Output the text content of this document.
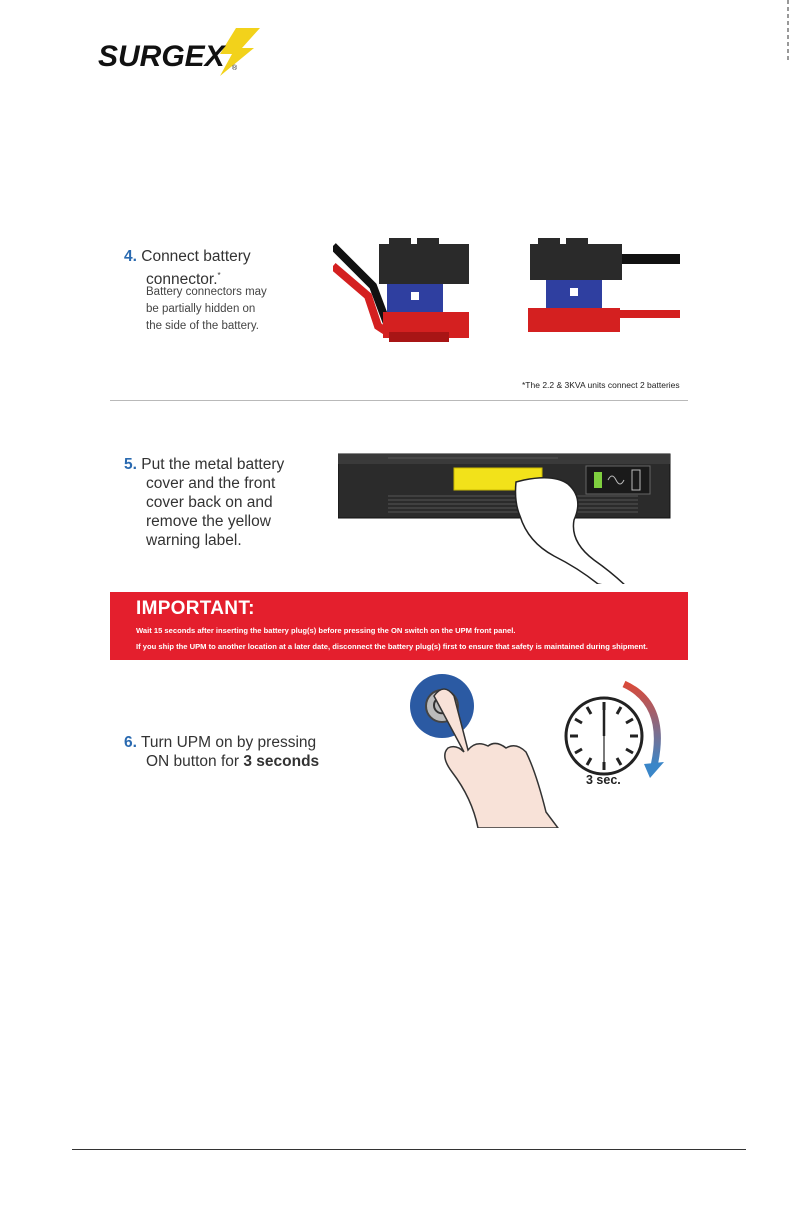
SURGEX ®
4. Connect battery
connector.*
Battery connectors may
be partially hidden on
the side of the battery.
*The 2.2 & 3KVA units connect 2 batteries
5. Put the metal battery
cover and the front
cover back on and
remove the yellow
warning label.
IMPORTANT:
Wait 15 seconds after inserting the battery plug(s) before pressing the ON switch on the UPM front panel.
If you ship the UPM to another location at a later date, disconnect the battery plug(s) first to ensure that safety is maintained during shipment.
6. Turn UPM on by pressing
ON button for 3 seconds
3 sec.
